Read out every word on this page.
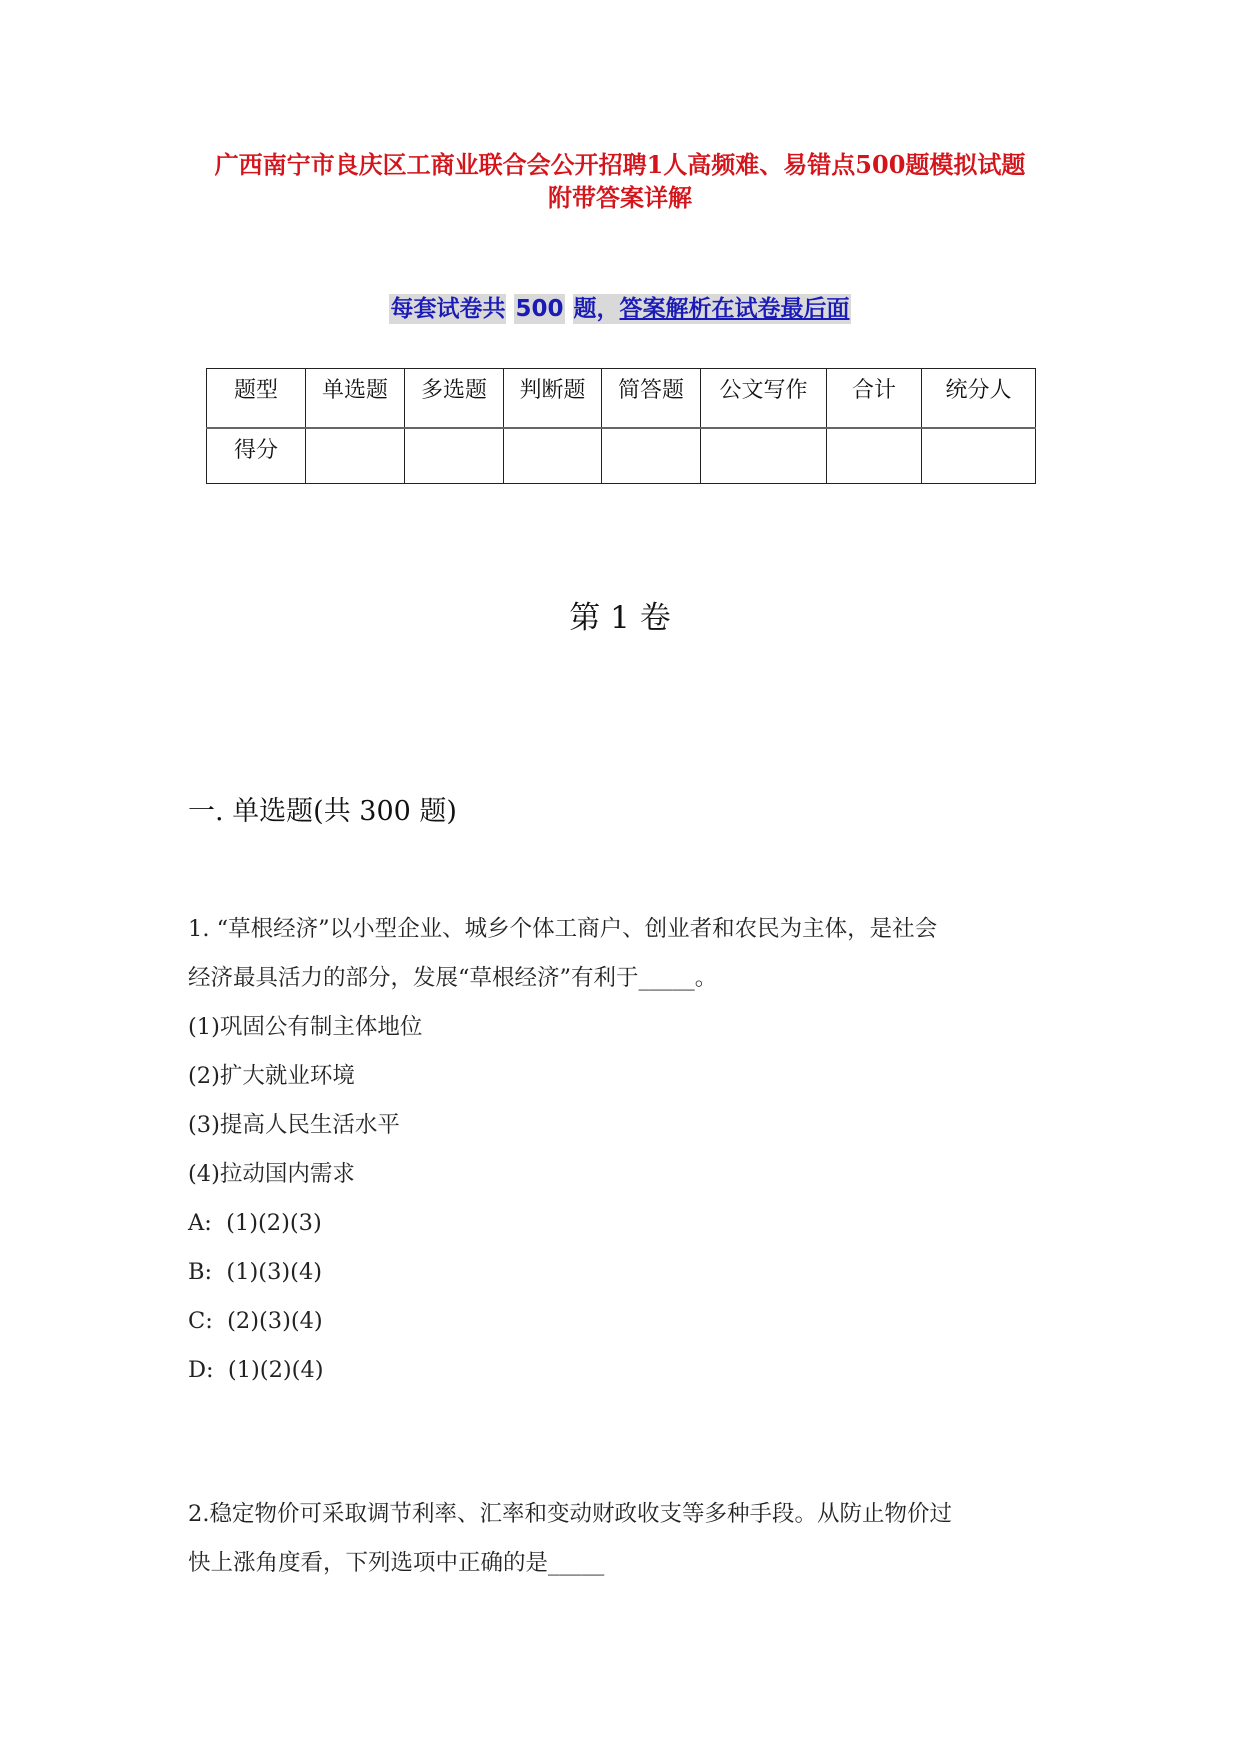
广西南宁市良庆区工商业联合会公开招聘1人高频难、易错点500题模拟试题
附带答案详解
每套试卷共 500 题，答案解析在试卷最后面
题型	单选题	多选题	判断题	简答题	公文写作	合计	统分人
得分							
第 1 卷
一. 单选题(共 300 题)
1. “草根经济”以小型企业、城乡个体工商户、创业者和农民为主体，是社会
经济最具活力的部分，发展“草根经济”有利于_____。
(1)巩固公有制主体地位
(2)扩大就业环境
(3)提高人民生活水平
(4)拉动国内需求
A:  (1)(2)(3)
B:  (1)(3)(4)
C:  (2)(3)(4)
D:  (1)(2)(4)
2.稳定物价可采取调节利率、汇率和变动财政收支等多种手段。从防止物价过
快上涨角度看，下列选项中正确的是_____
